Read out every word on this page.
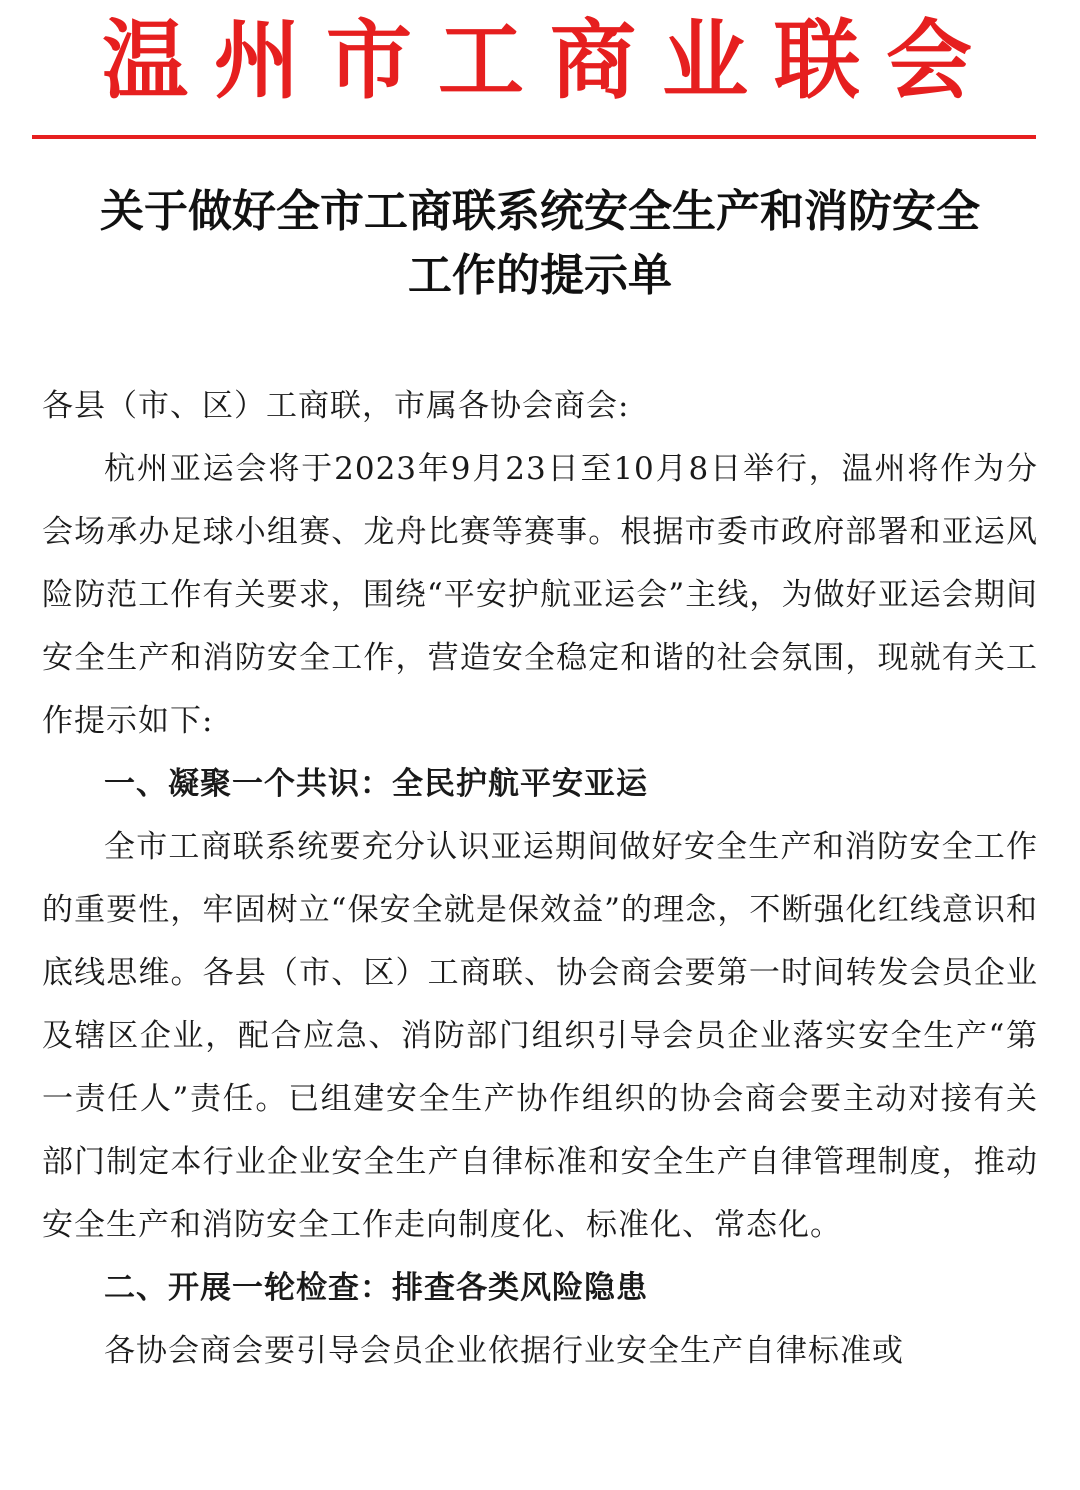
温州市工商业联会
关于做好全市工商联系统安全生产和消防安全
工作的提示单

各县（市、区）工商联，市属各协会商会:

杭州亚运会将于2023年9月23日至10月8日举行，温州将作为分会场承办足球小组赛、龙舟比赛等赛事。根据市委市政府部署和亚运风险防范工作有关要求，围绕“平安护航亚运会”主线，为做好亚运会期间安全生产和消防安全工作，营造安全稳定和谐的社会氛围，现就有关工作提示如下:

一、凝聚一个共识：全民护航平安亚运

全市工商联系统要充分认识亚运期间做好安全生产和消防安全工作的重要性，牢固树立“保安全就是保效益”的理念，不断强化红线意识和底线思维。各县（市、区）工商联、协会商会要第一时间转发会员企业及辖区企业，配合应急、消防部门组织引导会员企业落实安全生产“第一责任人”责任。已组建安全生产协作组织的协会商会要主动对接有关部门制定本行业企业安全生产自律标准和安全生产自律管理制度，推动安全生产和消防安全工作走向制度化、标准化、常态化。

二、开展一轮检查：排查各类风险隐患

各协会商会要引导会员企业依据行业安全生产自律标准或
